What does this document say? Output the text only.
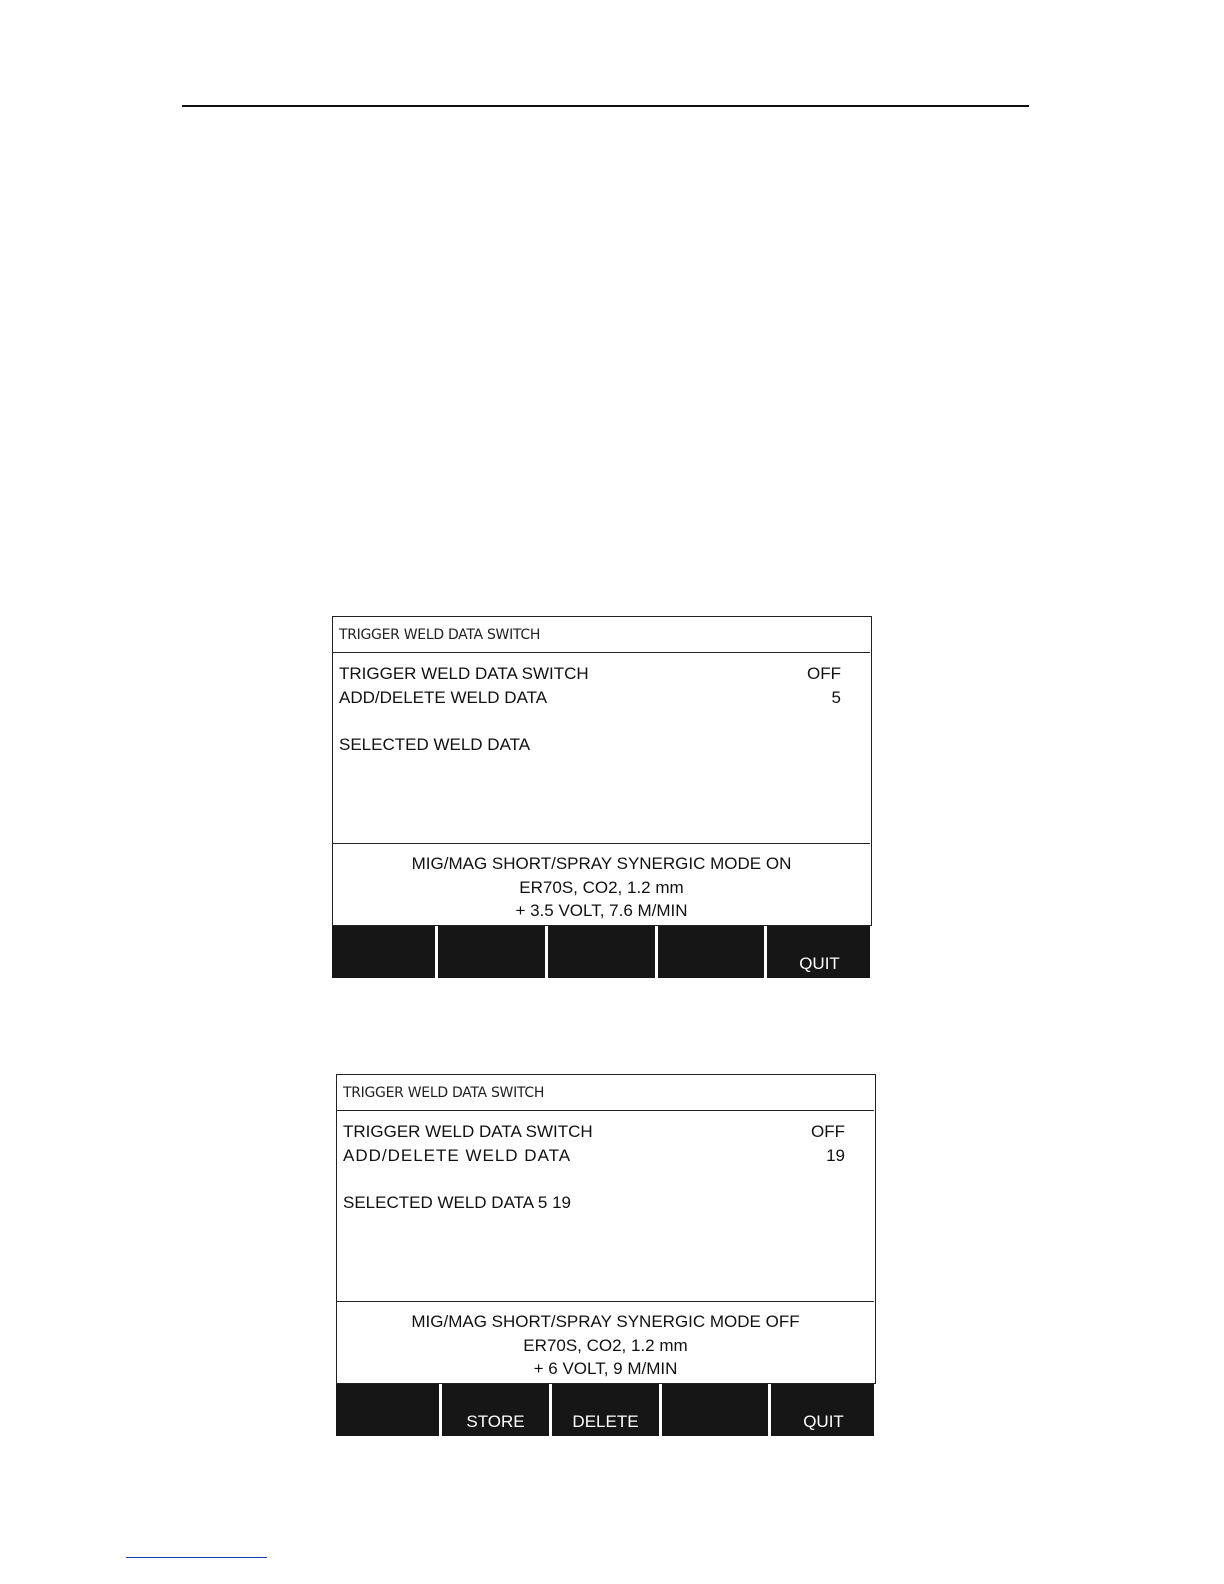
TRIGGER WELD DATA SWITCH
TRIGGER WELD DATA SWITCH	OFF
ADD/DELETE WELD DATA	5
SELECTED WELD DATA
MIG/MAG SHORT/SPRAY SYNERGIC MODE ON
ER70S, CO2, 1.2 mm
+ 3.5 VOLT, 7.6 M/MIN
QUIT
TRIGGER WELD DATA SWITCH
TRIGGER WELD DATA SWITCH	OFF
ADD/DELETE WELD DATA	19
SELECTED WELD DATA 5 19
MIG/MAG SHORT/SPRAY SYNERGIC MODE OFF
ER70S, CO2, 1.2 mm
+ 6 VOLT, 9 M/MIN
STORE	DELETE	QUIT
